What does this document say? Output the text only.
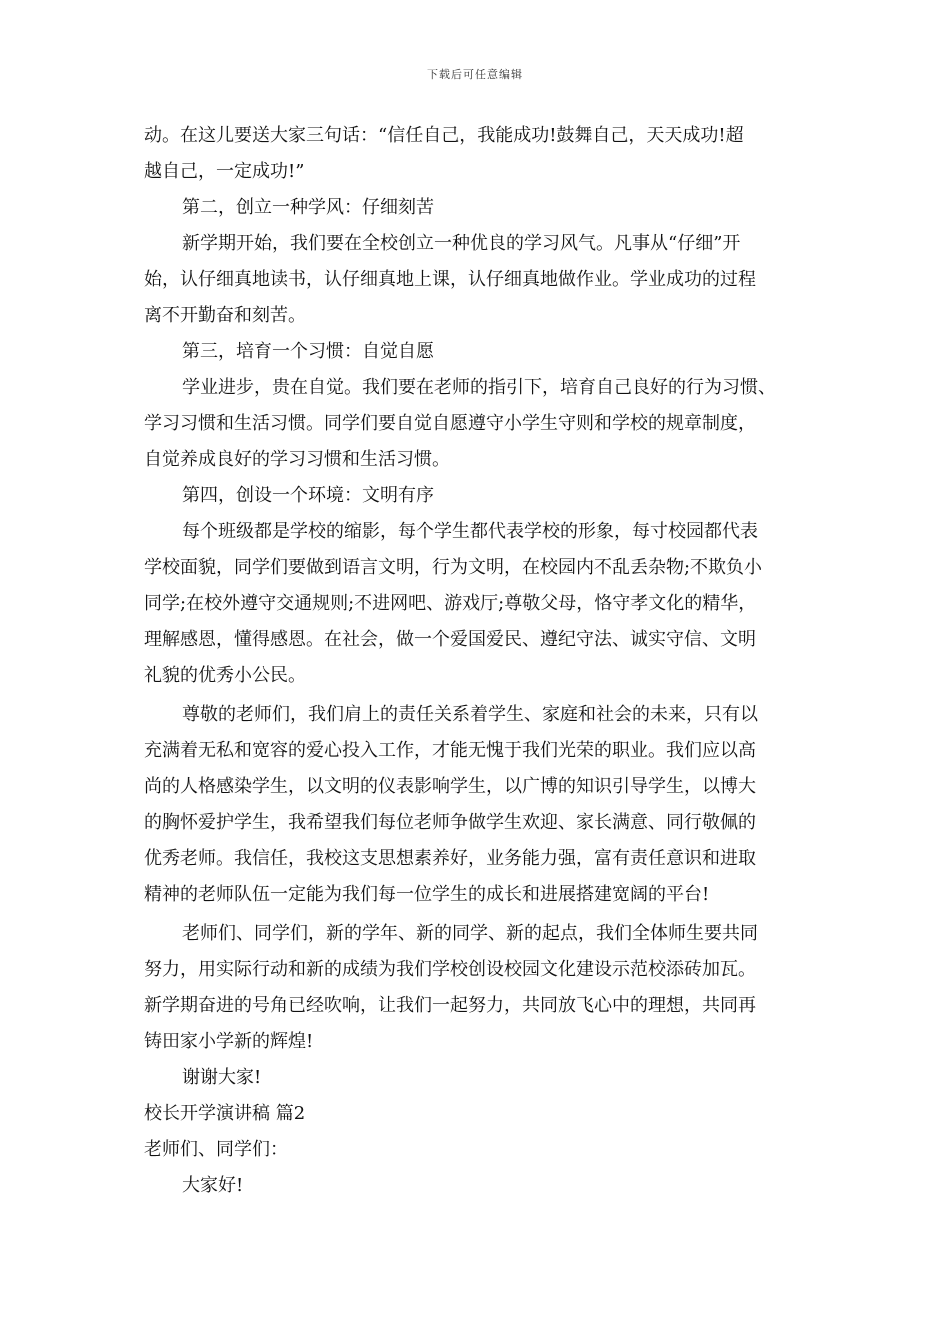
下载后可任意编辑

动。在这儿要送大家三句话：“信任自己，我能成功!鼓舞自己，天天成功!超

越自己，一定成功!”

第二，创立一种学风：仔细刻苦

新学期开始，我们要在全校创立一种优良的学习风气。凡事从“仔细”开

始，认仔细真地读书，认仔细真地上课，认仔细真地做作业。学业成功的过程

离不开勤奋和刻苦。

第三，培育一个习惯：自觉自愿

学业进步，贵在自觉。我们要在老师的指引下，培育自己良好的行为习惯、

学习习惯和生活习惯。同学们要自觉自愿遵守小学生守则和学校的规章制度，

自觉养成良好的学习习惯和生活习惯。

第四，创设一个环境：文明有序

每个班级都是学校的缩影，每个学生都代表学校的形象，每寸校园都代表

学校面貌，同学们要做到语言文明，行为文明，在校园内不乱丢杂物;不欺负小

同学;在校外遵守交通规则;不进网吧、游戏厅;尊敬父母，恪守孝文化的精华，

理解感恩，懂得感恩。在社会，做一个爱国爱民、遵纪守法、诚实守信、文明

礼貌的优秀小公民。

尊敬的老师们，我们肩上的责任关系着学生、家庭和社会的未来，只有以

充满着无私和宽容的爱心投入工作，才能无愧于我们光荣的职业。我们应以高

尚的人格感染学生，以文明的仪表影响学生，以广博的知识引导学生，以博大

的胸怀爱护学生，我希望我们每位老师争做学生欢迎、家长满意、同行敬佩的

优秀老师。我信任，我校这支思想素养好，业务能力强，富有责任意识和进取

精神的老师队伍一定能为我们每一位学生的成长和进展搭建宽阔的平台!

老师们、同学们，新的学年、新的同学、新的起点，我们全体师生要共同

努力，用实际行动和新的成绩为我们学校创设校园文化建设示范校添砖加瓦。

新学期奋进的号角已经吹响，让我们一起努力，共同放飞心中的理想，共同再

铸田家小学新的辉煌!

谢谢大家!

校长开学演讲稿 篇2

老师们、同学们：

大家好!
